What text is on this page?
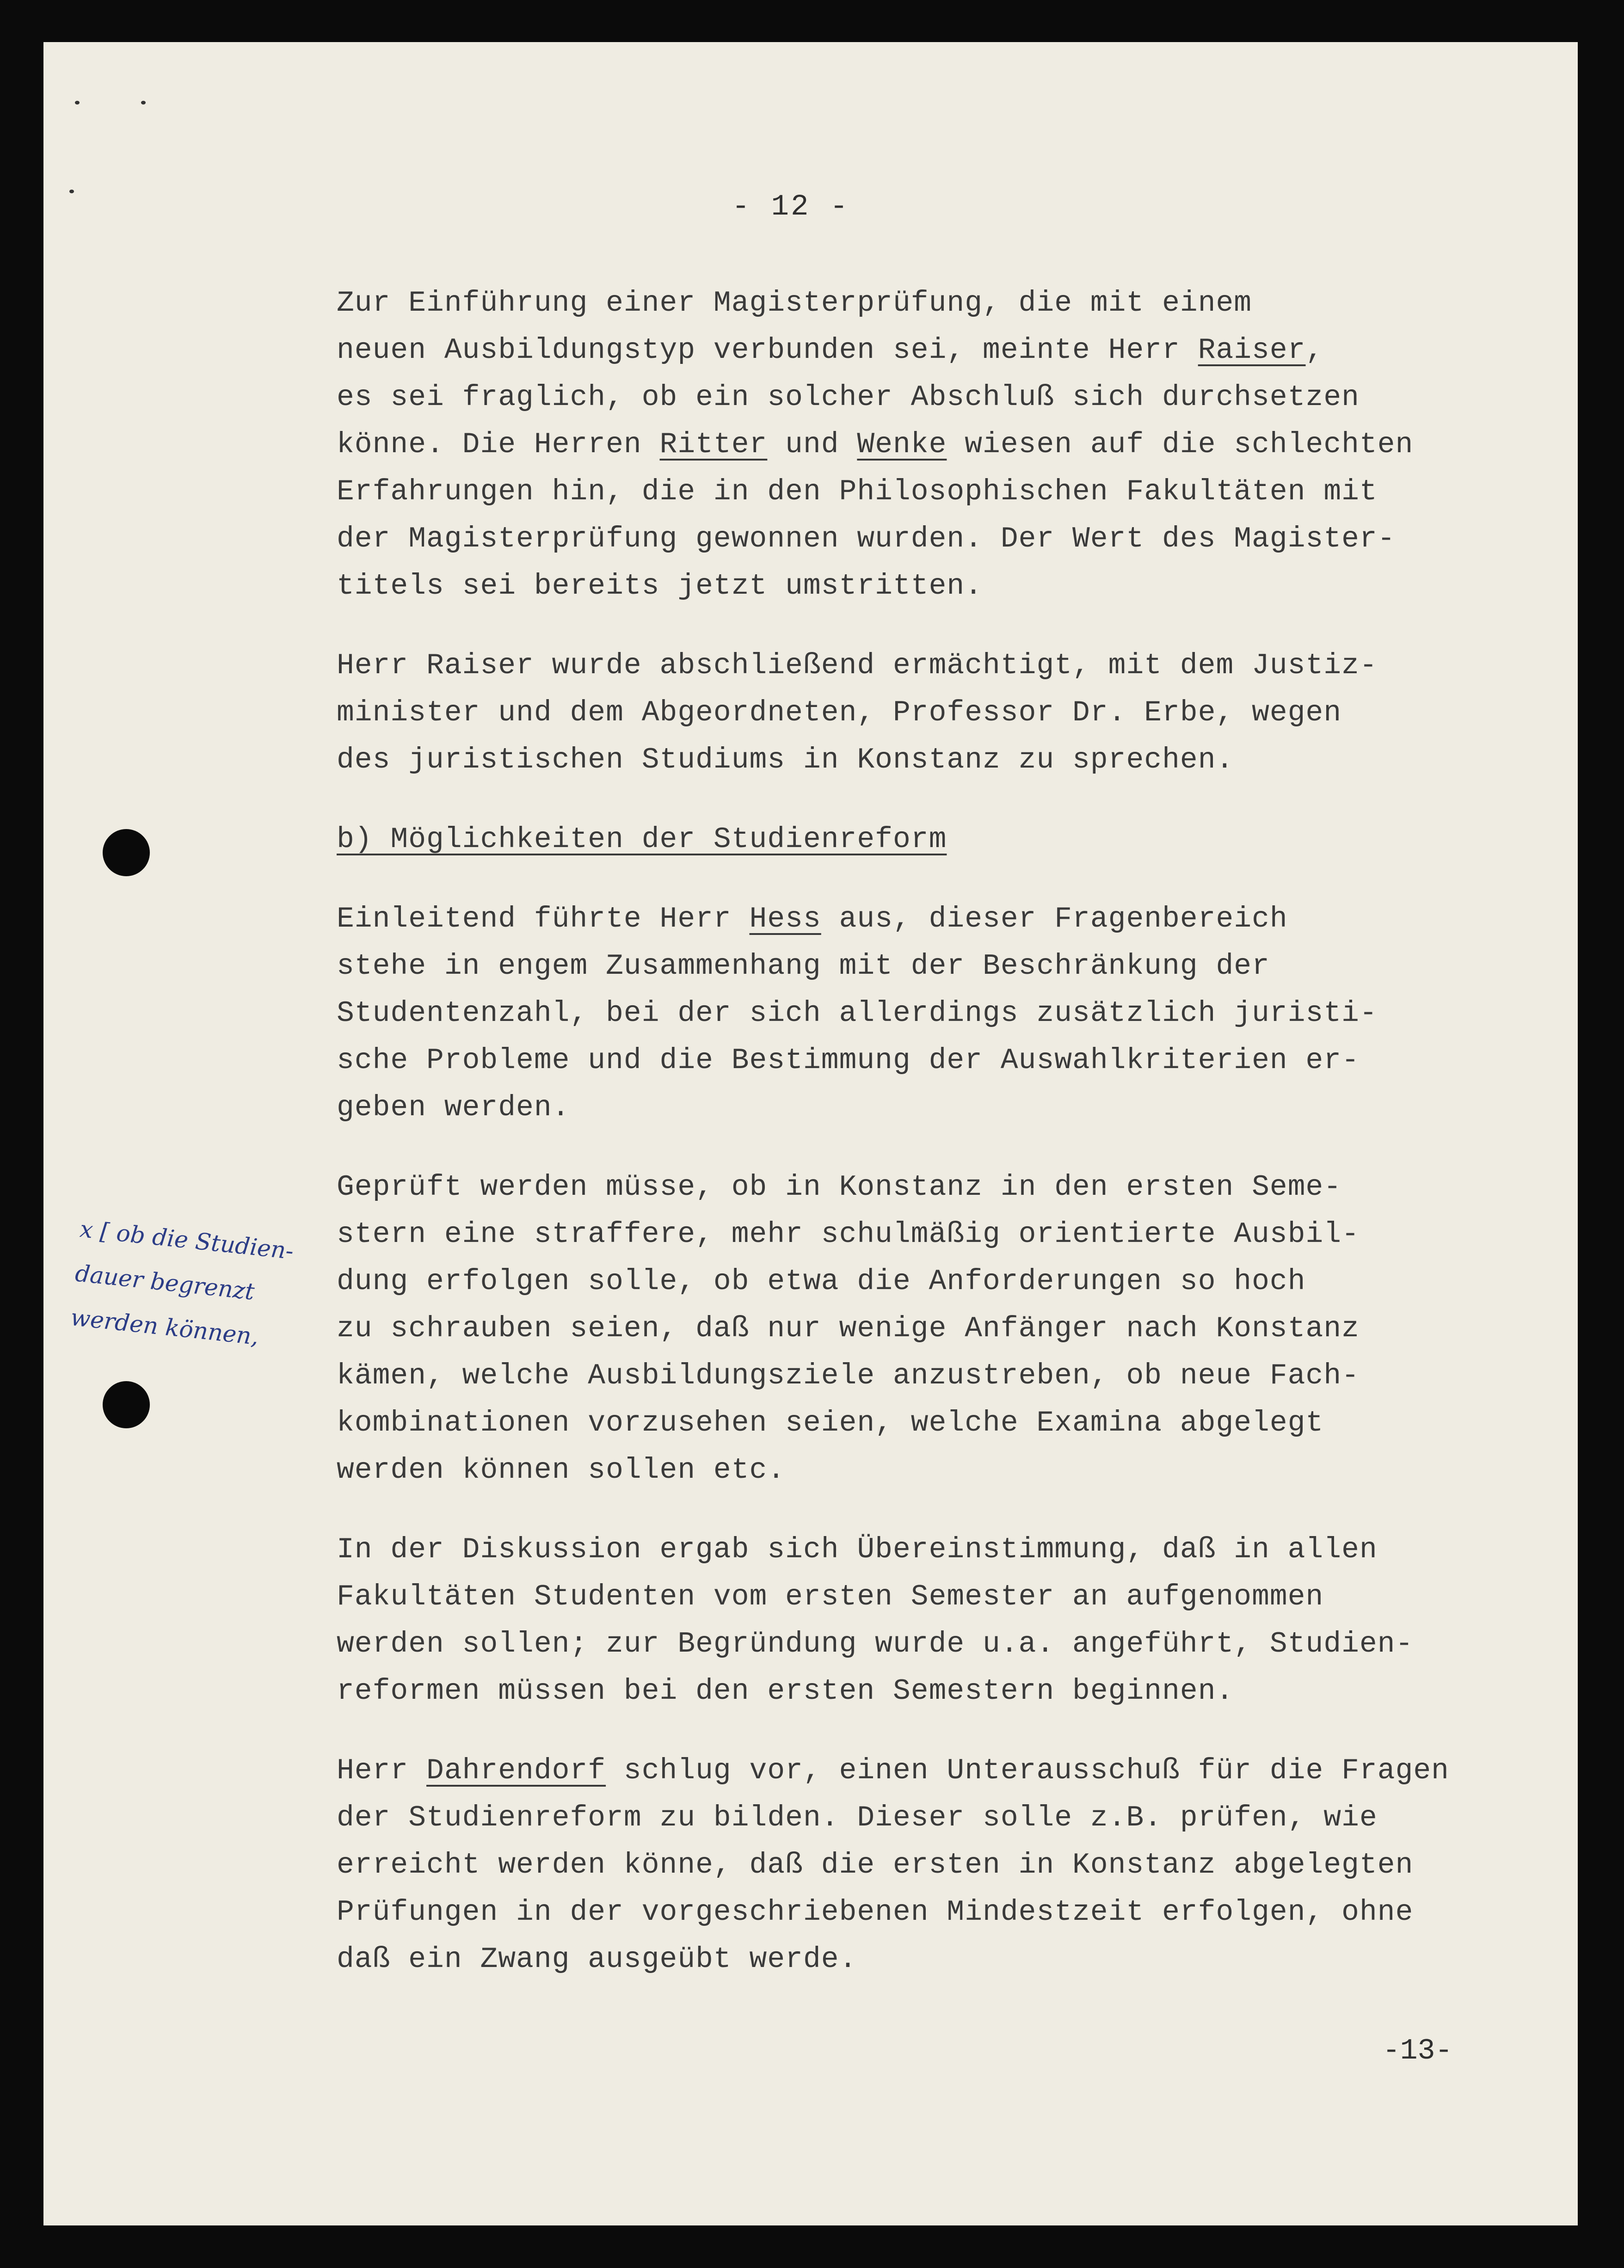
- 12 -
Zur Einführung einer Magisterprüfung, die mit einem
neuen Ausbildungstyp verbunden sei, meinte Herr Raiser,
es sei fraglich, ob ein solcher Abschluß sich durchsetzen
könne. Die Herren Ritter und Wenke wiesen auf die schlechten
Erfahrungen hin, die in den Philosophischen Fakultäten mit
der Magisterprüfung gewonnen wurden. Der Wert des Magister-
titels sei bereits jetzt umstritten.
Herr Raiser wurde abschließend ermächtigt, mit dem Justiz-
minister und dem Abgeordneten, Professor Dr. Erbe, wegen
des juristischen Studiums in Konstanz zu sprechen.
b) Möglichkeiten der Studienreform
Einleitend führte Herr Hess aus, dieser Fragenbereich
stehe in engem Zusammenhang mit der Beschränkung der
Studentenzahl, bei der sich allerdings zusätzlich juristi-
sche Probleme und die Bestimmung der Auswahlkriterien er-
geben werden.
Geprüft werden müsse, ob in Konstanz in den ersten Seme-
stern eine straffere, mehr schulmäßig orientierte Ausbil-
dung erfolgen solle, ob etwa die Anforderungen so hoch
zu schrauben seien, daß nur wenige Anfänger nach Konstanz
kämen, welche Ausbildungsziele anzustreben, ob neue Fach-
kombinationen vorzusehen seien, welche Examina abgelegt
werden können sollen etc.
In der Diskussion ergab sich Übereinstimmung, daß in allen
Fakultäten Studenten vom ersten Semester an aufgenommen
werden sollen; zur Begründung wurde u.a. angeführt, Studien-
reformen müssen bei den ersten Semestern beginnen.
Herr Dahrendorf schlug vor, einen Unterausschuß für die Fragen
der Studienreform zu bilden. Dieser solle z.B. prüfen, wie
erreicht werden könne, daß die ersten in Konstanz abgelegten
Prüfungen in der vorgeschriebenen Mindestzeit erfolgen, ohne
daß ein Zwang ausgeübt werde.
x [ ob die Studien-
dauer begrenzt
werden können,
-13-
